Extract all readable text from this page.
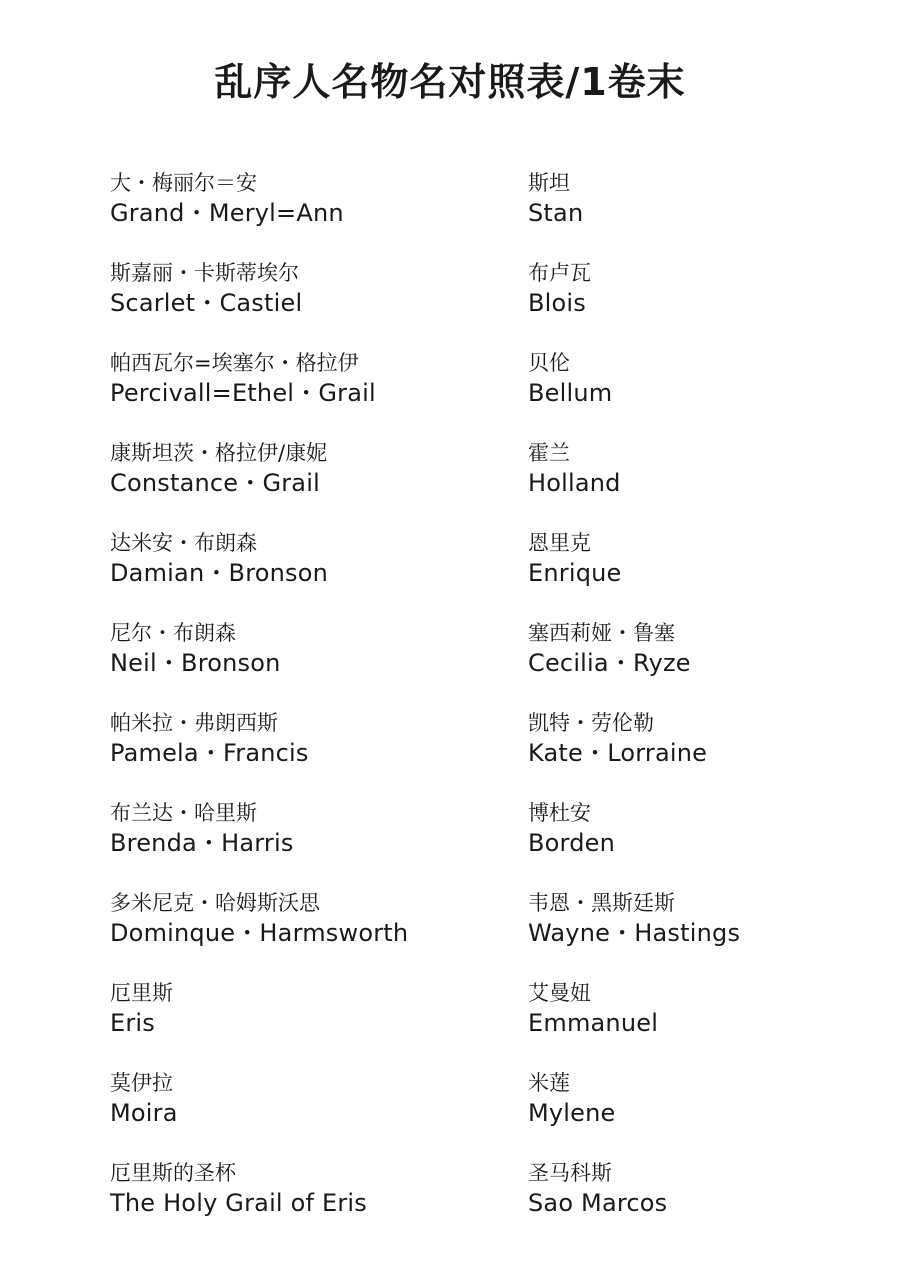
乱序人名物名对照表/1卷末
大・梅丽尔＝安
Grand・Meryl=Ann
斯嘉丽・卡斯蒂埃尔
Scarlet・Castiel
帕西瓦尔=埃塞尔・格拉伊
Percivall=Ethel・Grail
康斯坦茨・格拉伊/康妮
Constance・Grail
达米安・布朗森
Damian・Bronson
尼尔・布朗森
Neil・Bronson
帕米拉・弗朗西斯
Pamela・Francis
布兰达・哈里斯
Brenda・Harris
多米尼克・哈姆斯沃思
Dominque・Harmsworth
厄里斯
Eris
莫伊拉
Moira
厄里斯的圣杯
The Holy Grail of Eris
斯坦
Stan
布卢瓦
Blois
贝伦
Bellum
霍兰
Holland
恩里克
Enrique
塞西莉娅・鲁塞
Cecilia・Ryze
凯特・劳伦勒
Kate・Lorraine
博杜安
Borden
韦恩・黑斯廷斯
Wayne・Hastings
艾曼妞
Emmanuel
米莲
Mylene
圣马科斯
Sao Marcos
